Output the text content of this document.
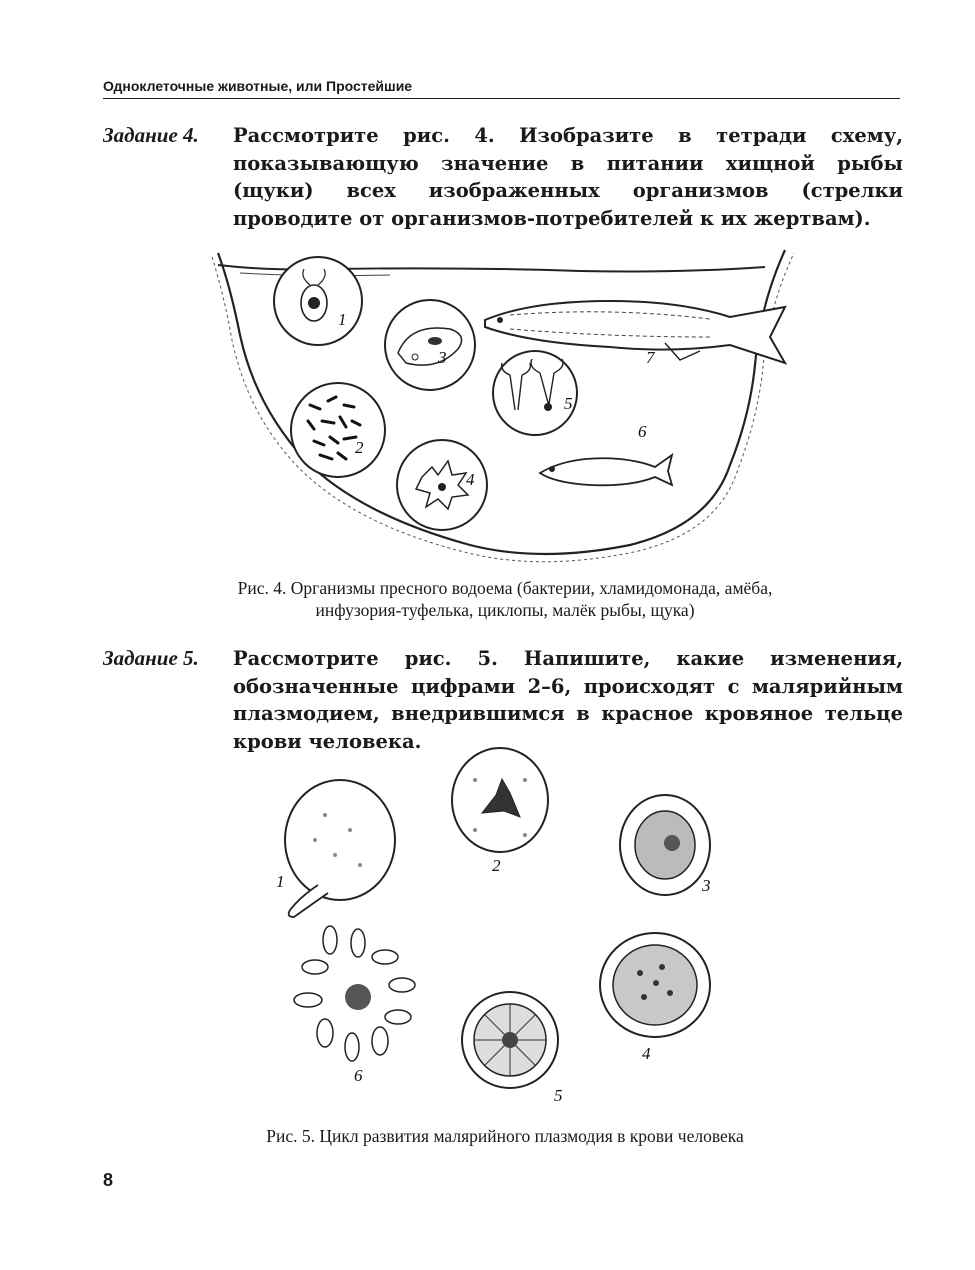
Одноклеточные животные, или Простейшие
Задание 4. Рассмотрите рис. 4. Изобразите в тетради схему, показывающую значение в питании хищной рыбы (щуки) всех изображенных организмов (стрелки проводите от организмов-потребителей к их жертвам).
1
2
3
4
5
6
7
Рис. 4. Организмы пресного водоема (бактерии, хламидомонада, амёба,
инфузория-туфелька, циклопы, малёк рыбы, щука)
Задание 5. Рассмотрите рис. 5. Напишите, какие изменения, обозначенные цифрами 2–6, происходят с малярийным плазмодием, внедрившимся в красное кровяное тельце крови человека.
1
2
3
4
5
6
Рис. 5. Цикл развития малярийного плазмодия в крови человека
8
